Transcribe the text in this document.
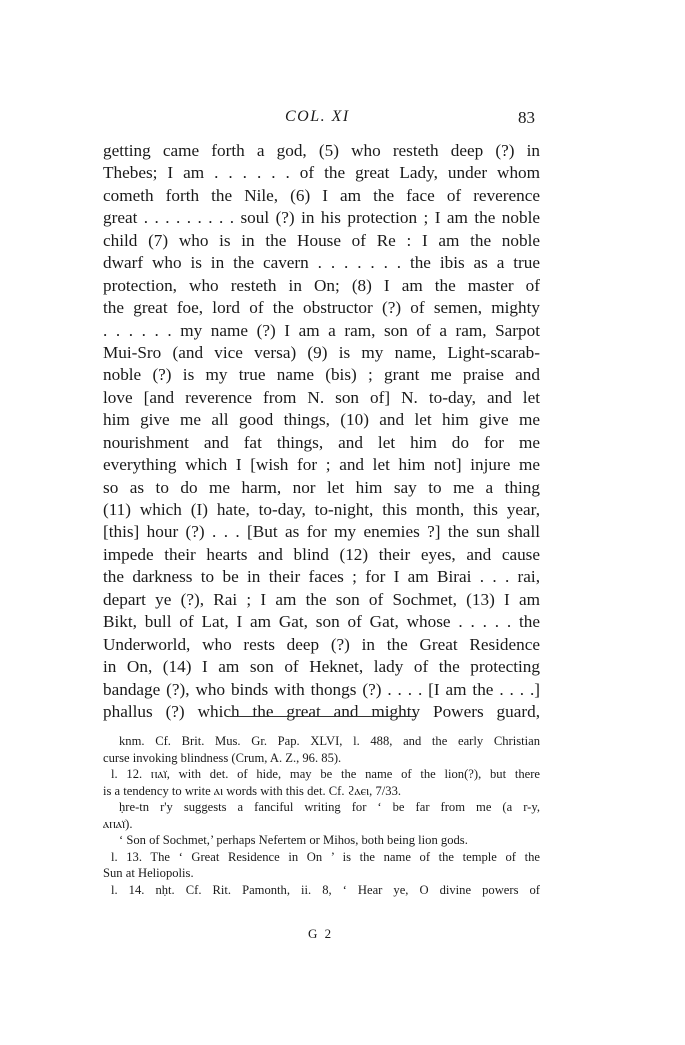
COL. XI	83
getting came forth a god, (5) who resteth deep (?) in
Thebes; I am . . . . . . of the great Lady, under whom
cometh forth the Nile, (6) I am the face of reverence
great . . . . . . . . . soul (?) in his protection ; I am the noble
child (7) who is in the House of Re : I am the noble
dwarf who is in the cavern . . . . . . . the ibis as a true
protection, who resteth in On; (8) I am the master of
the great foe, lord of the obstructor (?) of semen, mighty
. . . . . . my name (?) I am a ram, son of a ram, Sarpot
Mui-Sro (and vice versa) (9) is my name, Light-scarab-
noble (?) is my true name (bis) ; grant me praise and
love [and reverence from N. son of] N. to-day, and let
him give me all good things, (10) and let him give me
nourishment and fat things, and let him do for me
everything which I [wish for ; and let him not] injure me
so as to do me harm, nor let him say to me a thing
(11) which (I) hate, to-day, to-night, this month, this year,
[this] hour (?) . . . [But as for my enemies ?] the sun shall
impede their hearts and blind (12) their eyes, and cause
the darkness to be in their faces ; for I am Birai . . . rai,
depart ye (?), Rai ; I am the son of Sochmet, (13) I am
Bikt, bull of Lat, I am Gat, son of Gat, whose . . . . . the
Underworld, who rests deep (?) in the Great Residence
in On, (14) I am son of Heknet, lady of the protecting
bandage (?), who binds with thongs (?) . . . . [I am the . . . .]
phallus (?) which the great and mighty Powers guard,
knm. Cf. Brit. Mus. Gr. Pap. XLVI, l. 488, and the early Christian
curse invoking blindness (Crum, A. Z., 96. 85).
l. 12. ⲡⲁⲓ̈, with det. of hide, may be the name of the lion(?), but there
is a tendency to write ⲁⲓ words with this det. Cf. ϩⲁⲉⲓ, 7/33.
ḥre-tn r'y suggests a fanciful writing for ‘ be far from me (a r-y,
ⲁⲡⲁⲓ̈).
‘ Son of Sochmet,’ perhaps Nefertem or Mihos, both being lion gods.
l. 13. The ‘ Great Residence in On ’ is the name of the temple of the
Sun at Heliopolis.
l. 14. nḥt. Cf. Rit. Pamonth, ii. 8, ‘ Hear ye, O divine powers of
G 2
